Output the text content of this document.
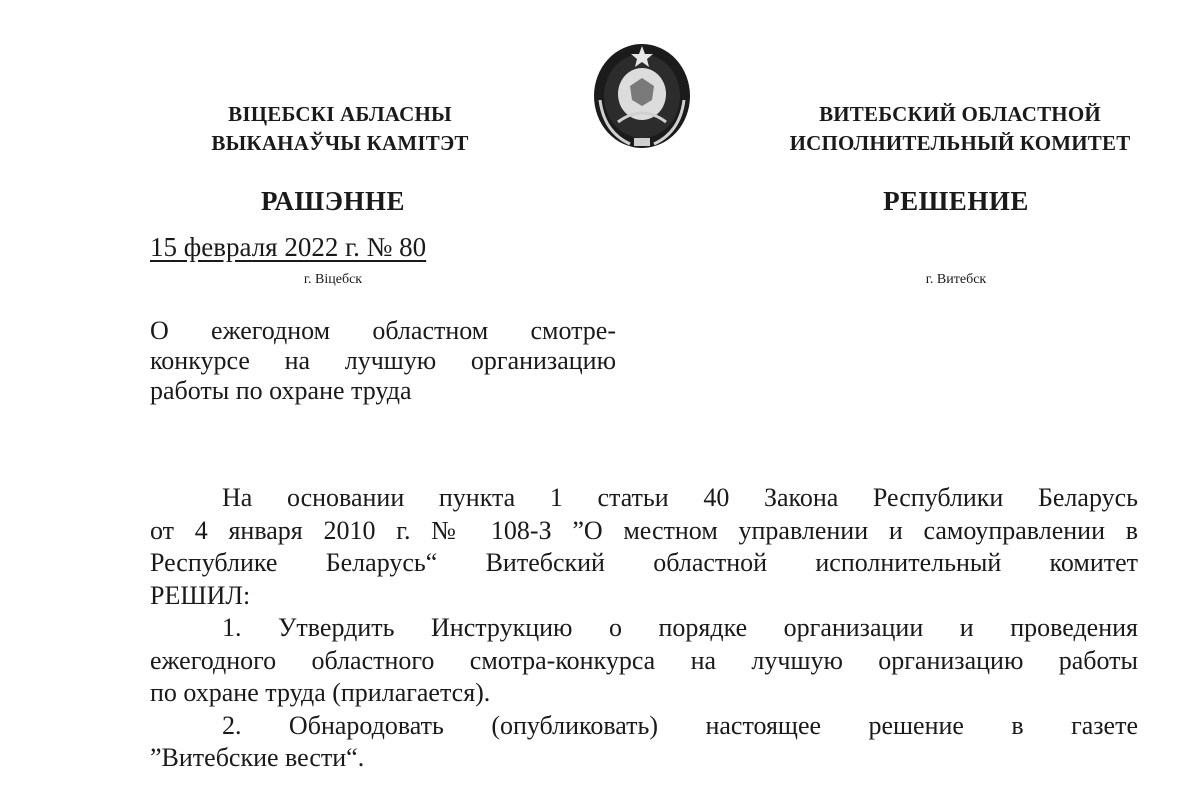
ВІЦЕБСКІ АБЛАСНЫ
ВЫКАНАЎЧЫ КАМІТЭТ
ВИТЕБСКИЙ ОБЛАСТНОЙ
ИСПОЛНИТЕЛЬНЫЙ КОМИТЕТ
РАШЭННЕ	РЕШЕНИЕ
15 февраля 2022 г. № 80
г. Віцебск	г. Витебск
О ежегодном областном смотре-
конкурсе на лучшую организацию
работы по охране труда
На основании пункта 1 статьи 40 Закона Республики Беларусь
от 4 января 2010 г. № 108-З ”О местном управлении и самоуправлении в
Республике Беларусь“ Витебский областной исполнительный комитет
РЕШИЛ:
1. Утвердить Инструкцию о порядке организации и проведения
ежегодного областного смотра-конкурса на лучшую организацию работы
по охране труда (прилагается).
2. Обнародовать (опубликовать) настоящее решение в газете
”Витебские вести“.
